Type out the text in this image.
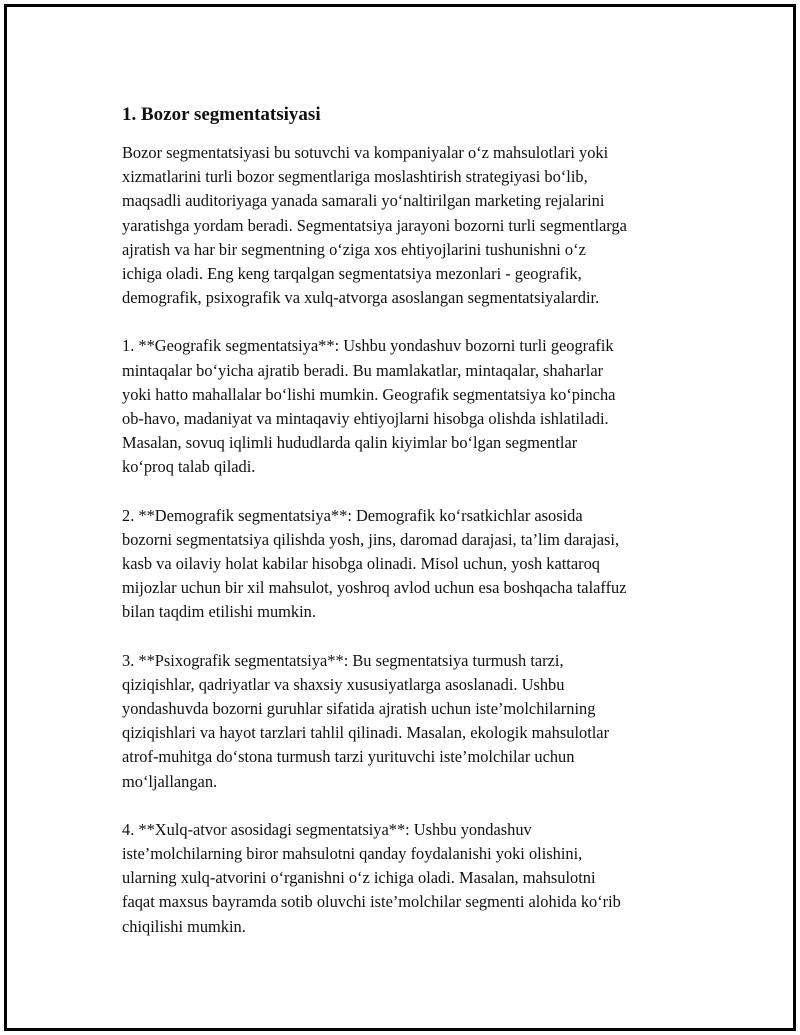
1. Bozor segmentatsiyasi

Bozor segmentatsiyasi bu sotuvchi va kompaniyalar o‘z mahsulotlari yoki
xizmatlarini turli bozor segmentlariga moslashtirish strategiyasi bo‘lib,
maqsadli auditoriyaga yanada samarali yo‘naltirilgan marketing rejalarini
yaratishga yordam beradi. Segmentatsiya jarayoni bozorni turli segmentlarga
ajratish va har bir segmentning o‘ziga xos ehtiyojlarini tushunishni o‘z
ichiga oladi. Eng keng tarqalgan segmentatsiya mezonlari - geografik,
demografik, psixografik va xulq-atvorga asoslangan segmentatsiyalardir.

1. **Geografik segmentatsiya**: Ushbu yondashuv bozorni turli geografik
mintaqalar bo‘yicha ajratib beradi. Bu mamlakatlar, mintaqalar, shaharlar
yoki hatto mahallalar bo‘lishi mumkin. Geografik segmentatsiya ko‘pincha
ob-havo, madaniyat va mintaqaviy ehtiyojlarni hisobga olishda ishlatiladi.
Masalan, sovuq iqlimli hududlarda qalin kiyimlar bo‘lgan segmentlar
ko‘proq talab qiladi.

2. **Demografik segmentatsiya**: Demografik ko‘rsatkichlar asosida
bozorni segmentatsiya qilishda yosh, jins, daromad darajasi, ta’lim darajasi,
kasb va oilaviy holat kabilar hisobga olinadi. Misol uchun, yosh kattaroq
mijozlar uchun bir xil mahsulot, yoshroq avlod uchun esa boshqacha talaffuz
bilan taqdim etilishi mumkin.

3. **Psixografik segmentatsiya**: Bu segmentatsiya turmush tarzi,
qiziqishlar, qadriyatlar va shaxsiy xususiyatlarga asoslanadi. Ushbu
yondashuvda bozorni guruhlar sifatida ajratish uchun iste’molchilarning
qiziqishlari va hayot tarzlari tahlil qilinadi. Masalan, ekologik mahsulotlar
atrof-muhitga do‘stona turmush tarzi yurituvchi iste’molchilar uchun
mo‘ljallangan.

4. **Xulq-atvor asosidagi segmentatsiya**: Ushbu yondashuv
iste’molchilarning biror mahsulotni qanday foydalanishi yoki olishini,
ularning xulq-atvorini o‘rganishni o‘z ichiga oladi. Masalan, mahsulotni
faqat maxsus bayramda sotib oluvchi iste’molchilar segmenti alohida ko‘rib
chiqilishi mumkin.
